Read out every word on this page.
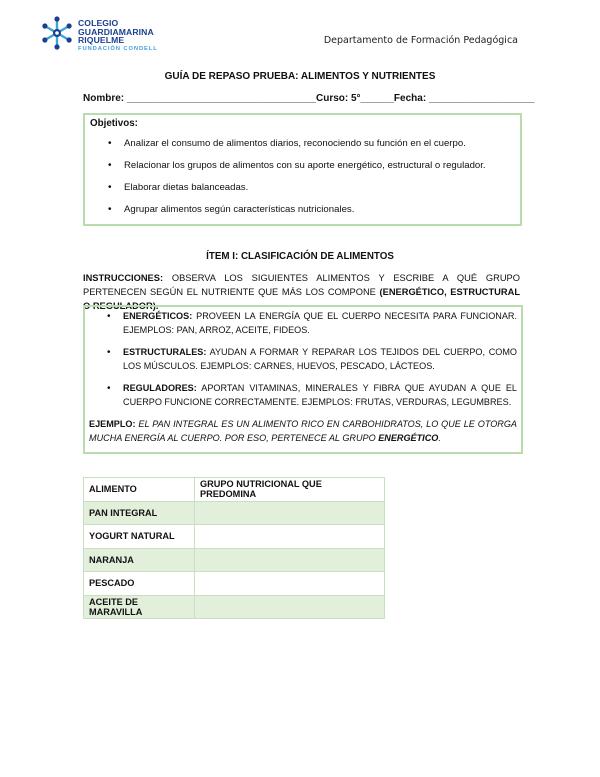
COLEGIO
GUARDIAMARINA
RIQUELME
FUNDACIÓN CONDELL
Departamento de Formación Pedagógica
GUÍA DE REPASO PRUEBA: ALIMENTOS Y NUTRIENTES
Nombre: __________________________________Curso: 5°______Fecha: ___________________
Objetivos:
• Analizar el consumo de alimentos diarios, reconociendo su función en el cuerpo.
• Relacionar los grupos de alimentos con su aporte energético, estructural o regulador.
• Elaborar dietas balanceadas.
• Agrupar alimentos según características nutricionales.
ÍTEM I: CLASIFICACIÓN DE ALIMENTOS
INSTRUCCIONES: OBSERVA LOS SIGUIENTES ALIMENTOS Y ESCRIBE A QUÉ GRUPO PERTENECEN SEGÚN EL NUTRIENTE QUE MÁS LOS COMPONE (ENERGÉTICO, ESTRUCTURAL O REGULADOR).
• ENERGÉTICOS: PROVEEN LA ENERGÍA QUE EL CUERPO NECESITA PARA FUNCIONAR. EJEMPLOS: PAN, ARROZ, ACEITE, FIDEOS.
• ESTRUCTURALES: AYUDAN A FORMAR Y REPARAR LOS TEJIDOS DEL CUERPO, COMO LOS MÚSCULOS. EJEMPLOS: CARNES, HUEVOS, PESCADO, LÁCTEOS.
• REGULADORES: APORTAN VITAMINAS, MINERALES Y FIBRA QUE AYUDAN A QUE EL CUERPO FUNCIONE CORRECTAMENTE. EJEMPLOS: FRUTAS, VERDURAS, LEGUMBRES.
EJEMPLO: EL PAN INTEGRAL ES UN ALIMENTO RICO EN CARBOHIDRATOS, LO QUE LE OTORGA MUCHA ENERGÍA AL CUERPO. POR ESO, PERTENECE AL GRUPO ENERGÉTICO.
ALIMENTO	GRUPO NUTRICIONAL QUE PREDOMINA
PAN INTEGRAL	
YOGURT NATURAL	
NARANJA	
PESCADO	
ACEITE DE MARAVILLA	
